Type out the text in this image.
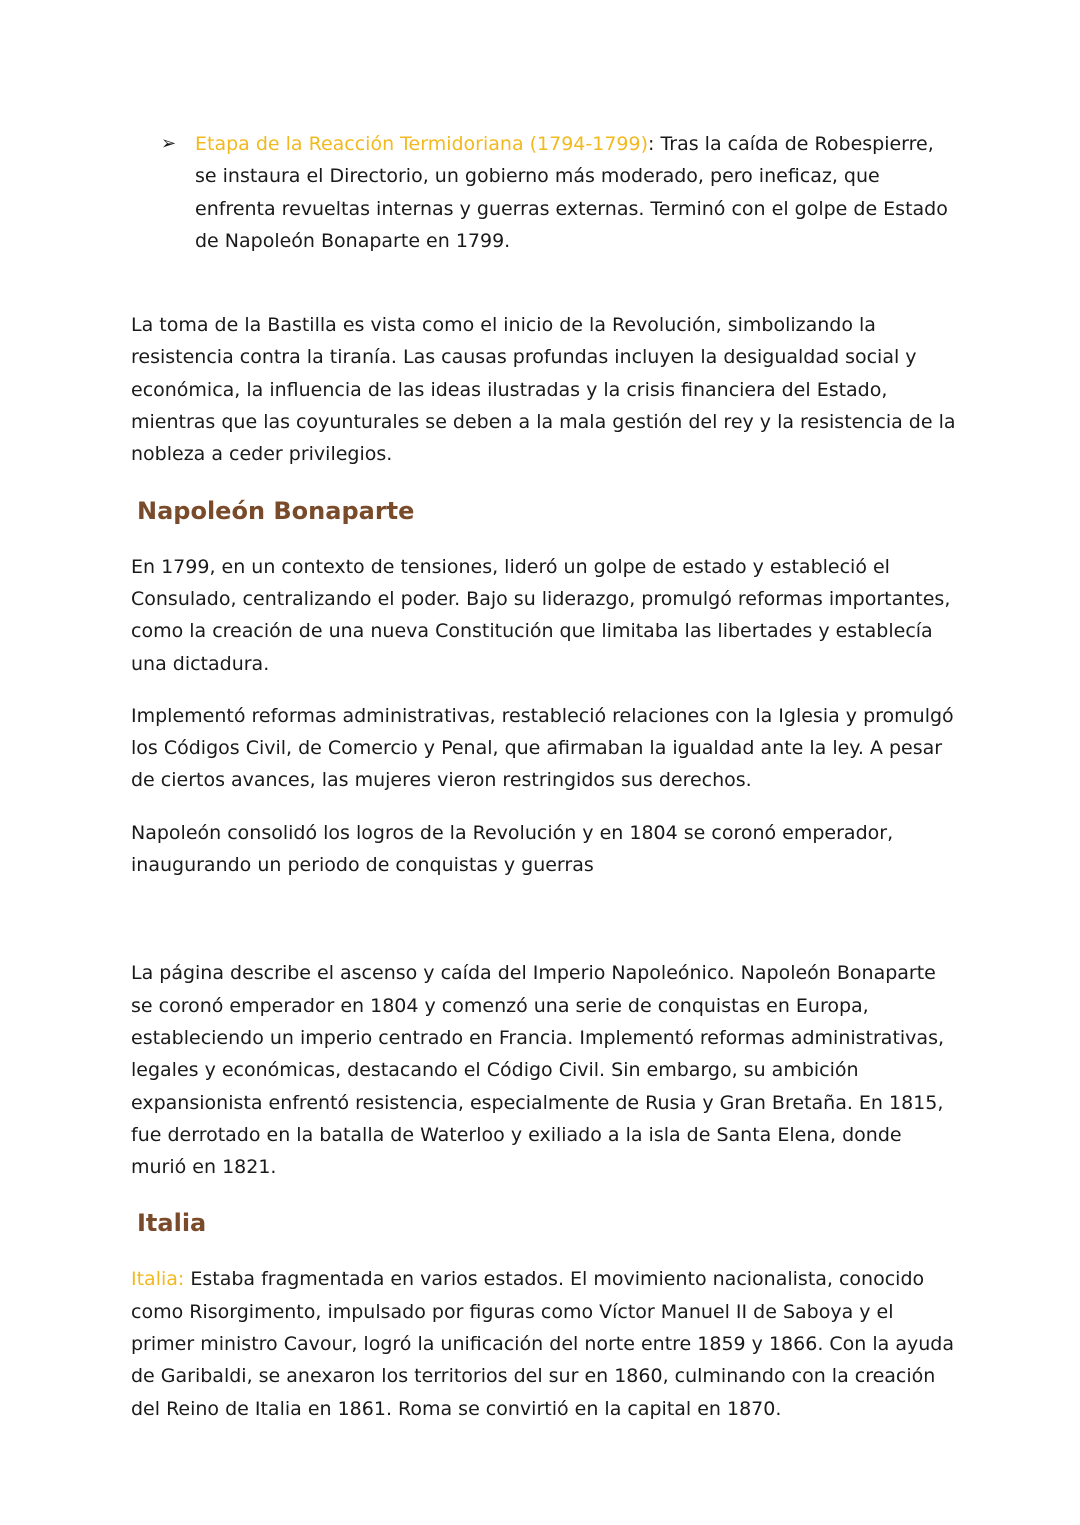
➢ Etapa de la Reacción Termidoriana (1794-1799): Tras la caída de Robespierre, se instaura el Directorio, un gobierno más moderado, pero ineficaz, que enfrenta revueltas internas y guerras externas. Terminó con el golpe de Estado de Napoleón Bonaparte en 1799.

La toma de la Bastilla es vista como el inicio de la Revolución, simbolizando la resistencia contra la tiranía. Las causas profundas incluyen la desigualdad social y económica, la influencia de las ideas ilustradas y la crisis financiera del Estado, mientras que las coyunturales se deben a la mala gestión del rey y la resistencia de la nobleza a ceder privilegios.

Napoleón Bonaparte

En 1799, en un contexto de tensiones, lideró un golpe de estado y estableció el Consulado, centralizando el poder. Bajo su liderazgo, promulgó reformas importantes, como la creación de una nueva Constitución que limitaba las libertades y establecía una dictadura.

Implementó reformas administrativas, restableció relaciones con la Iglesia y promulgó los Códigos Civil, de Comercio y Penal, que afirmaban la igualdad ante la ley. A pesar de ciertos avances, las mujeres vieron restringidos sus derechos.

Napoleón consolidó los logros de la Revolución y en 1804 se coronó emperador, inaugurando un periodo de conquistas y guerras

La página describe el ascenso y caída del Imperio Napoleónico. Napoleón Bonaparte se coronó emperador en 1804 y comenzó una serie de conquistas en Europa, estableciendo un imperio centrado en Francia. Implementó reformas administrativas, legales y económicas, destacando el Código Civil. Sin embargo, su ambición expansionista enfrentó resistencia, especialmente de Rusia y Gran Bretaña. En 1815, fue derrotado en la batalla de Waterloo y exiliado a la isla de Santa Elena, donde murió en 1821.

Italia

Italia: Estaba fragmentada en varios estados. El movimiento nacionalista, conocido como Risorgimento, impulsado por figuras como Víctor Manuel II de Saboya y el primer ministro Cavour, logró la unificación del norte entre 1859 y 1866. Con la ayuda de Garibaldi, se anexaron los territorios del sur en 1860, culminando con la creación del Reino de Italia en 1861. Roma se convirtió en la capital en 1870.
